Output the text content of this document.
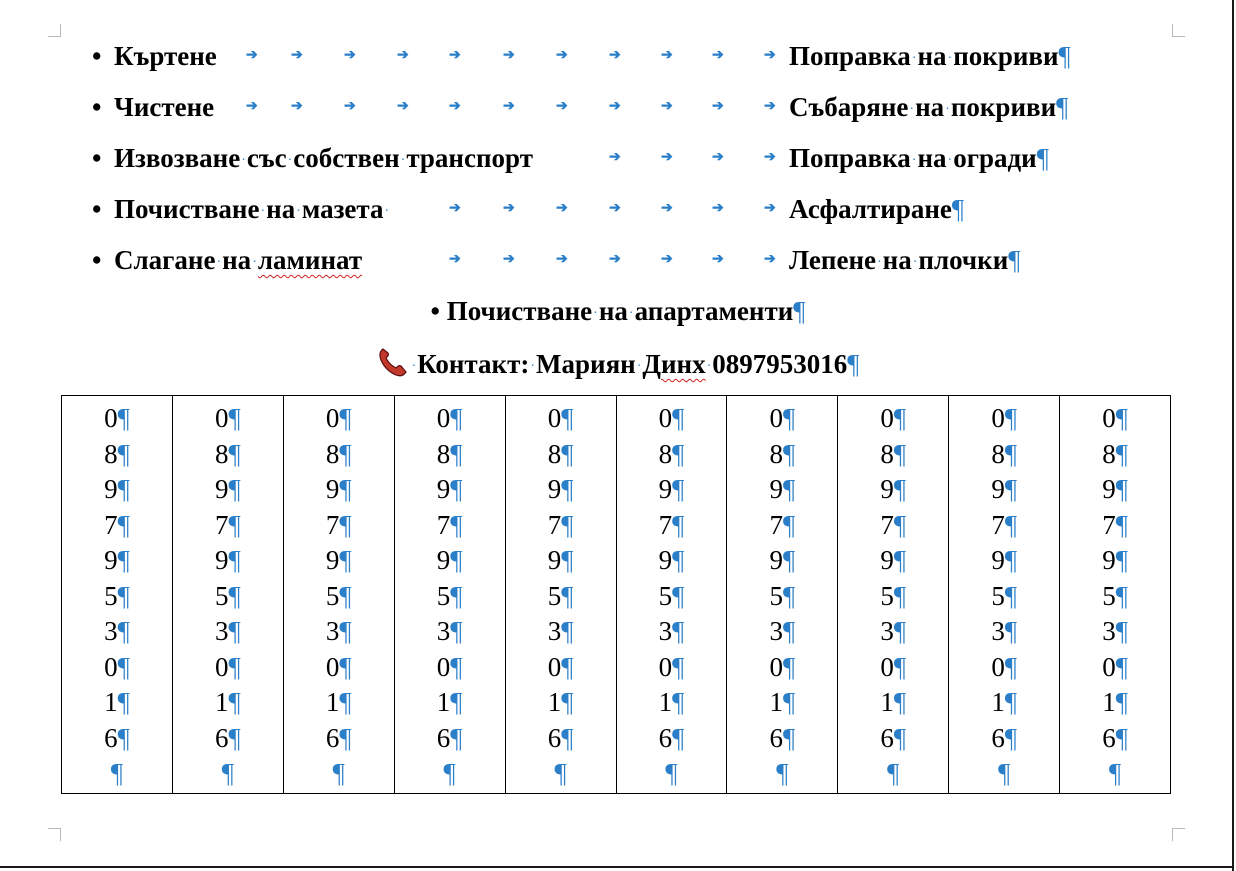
• Къртене ➔ ➔ ➔ ➔ ➔ ➔ ➔ ➔ ➔ ➔ ➔	Поправка · на · покриви¶
• Чистене ➔ ➔ ➔ ➔ ➔ ➔ ➔ ➔ ➔ ➔ ➔	Събаряне · на · покриви¶
• Извозване · със · собствен · транспорт ➔ ➔ ➔ ➔	Поправка · на · огради¶
• Почистване · на · мазета · ➔ ➔ ➔ ➔ ➔ ➔ ➔	Асфалтиране¶
• Слагане · на · ламинат ➔ ➔ ➔ ➔ ➔ ➔ ➔	Лепене · на · плочки¶
• Почистване · на · апартаменти¶
· Контакт: · Мариян · Динх · 0897953016¶
0¶
8¶
9¶
7¶
9¶
5¶
3¶
0¶
1¶
6¶
¶
0¶
8¶
9¶
7¶
9¶
5¶
3¶
0¶
1¶
6¶
¶
0¶
8¶
9¶
7¶
9¶
5¶
3¶
0¶
1¶
6¶
¶
0¶
8¶
9¶
7¶
9¶
5¶
3¶
0¶
1¶
6¶
¶
0¶
8¶
9¶
7¶
9¶
5¶
3¶
0¶
1¶
6¶
¶
0¶
8¶
9¶
7¶
9¶
5¶
3¶
0¶
1¶
6¶
¶
0¶
8¶
9¶
7¶
9¶
5¶
3¶
0¶
1¶
6¶
¶
0¶
8¶
9¶
7¶
9¶
5¶
3¶
0¶
1¶
6¶
¶
0¶
8¶
9¶
7¶
9¶
5¶
3¶
0¶
1¶
6¶
¶
0¶
8¶
9¶
7¶
9¶
5¶
3¶
0¶
1¶
6¶
¶
